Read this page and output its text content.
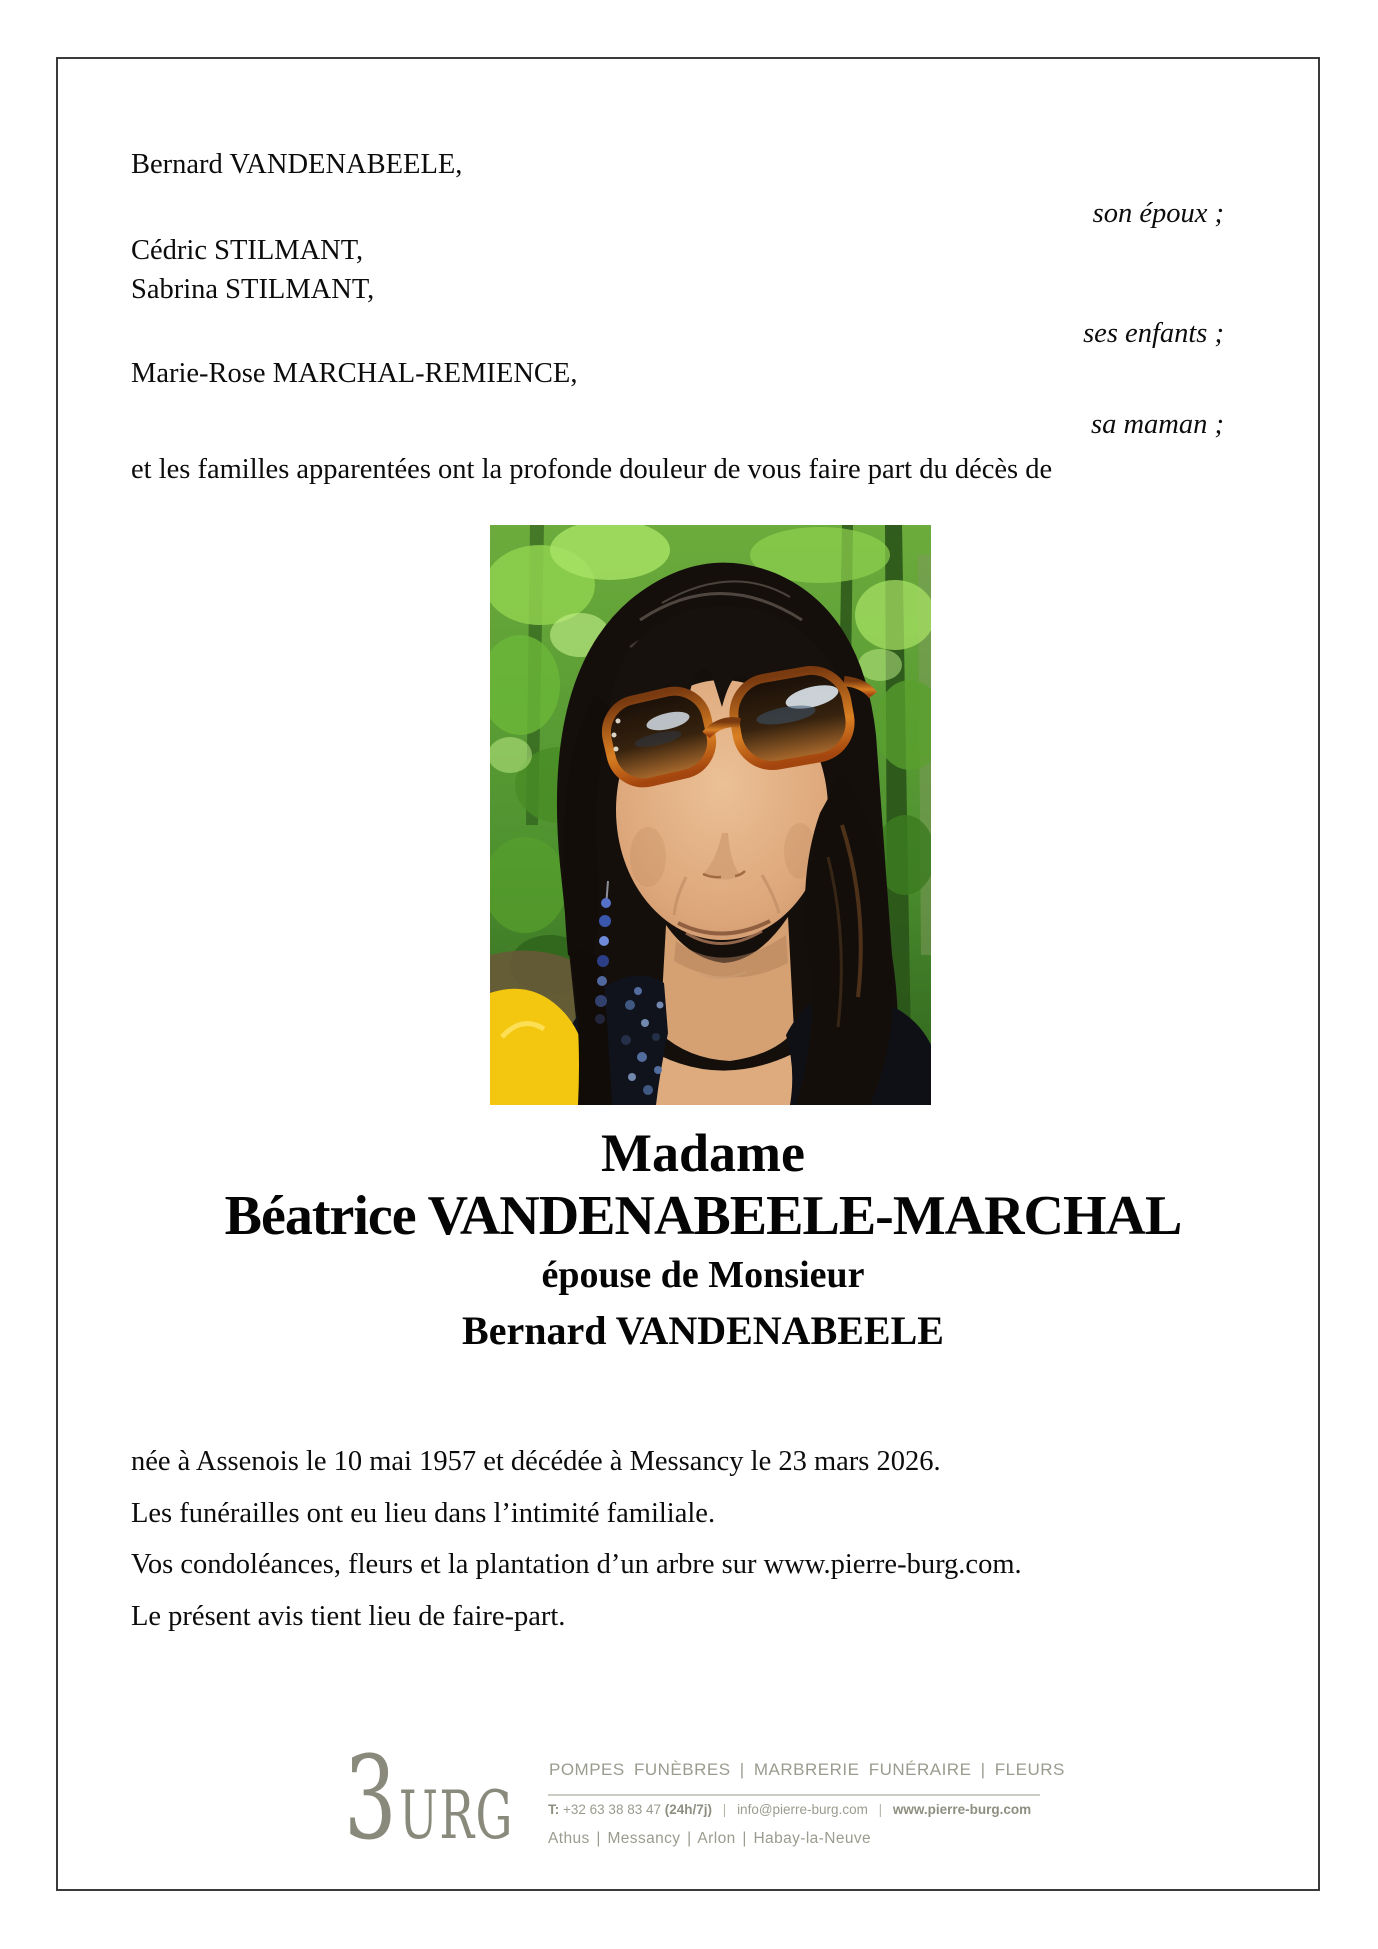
Bernard VANDENABEELE,
son époux ;
Cédric STILMANT,
Sabrina STILMANT,
ses enfants ;
Marie-Rose MARCHAL-REMIENCE,
sa maman ;
et les familles apparentées ont la profonde douleur de vous faire part du décès de
Madame
Béatrice VANDENABEELE-MARCHAL
épouse de Monsieur
Bernard VANDENABEELE
née à Assenois le 10 mai 1957 et décédée à Messancy le 23 mars 2026.
Les funérailles ont eu lieu dans l’intimité familiale.
Vos condoléances, fleurs et la plantation d’un arbre sur www.pierre-burg.com.
Le présent avis tient lieu de faire-part.
3 URG
POMPES FUNÈBRES | MARBRERIE FUNÉRAIRE | FLEURS
T: +32 63 38 83 47 (24h/7j) | info@pierre-burg.com | www.pierre-burg.com
Athus | Messancy | Arlon | Habay-la-Neuve
